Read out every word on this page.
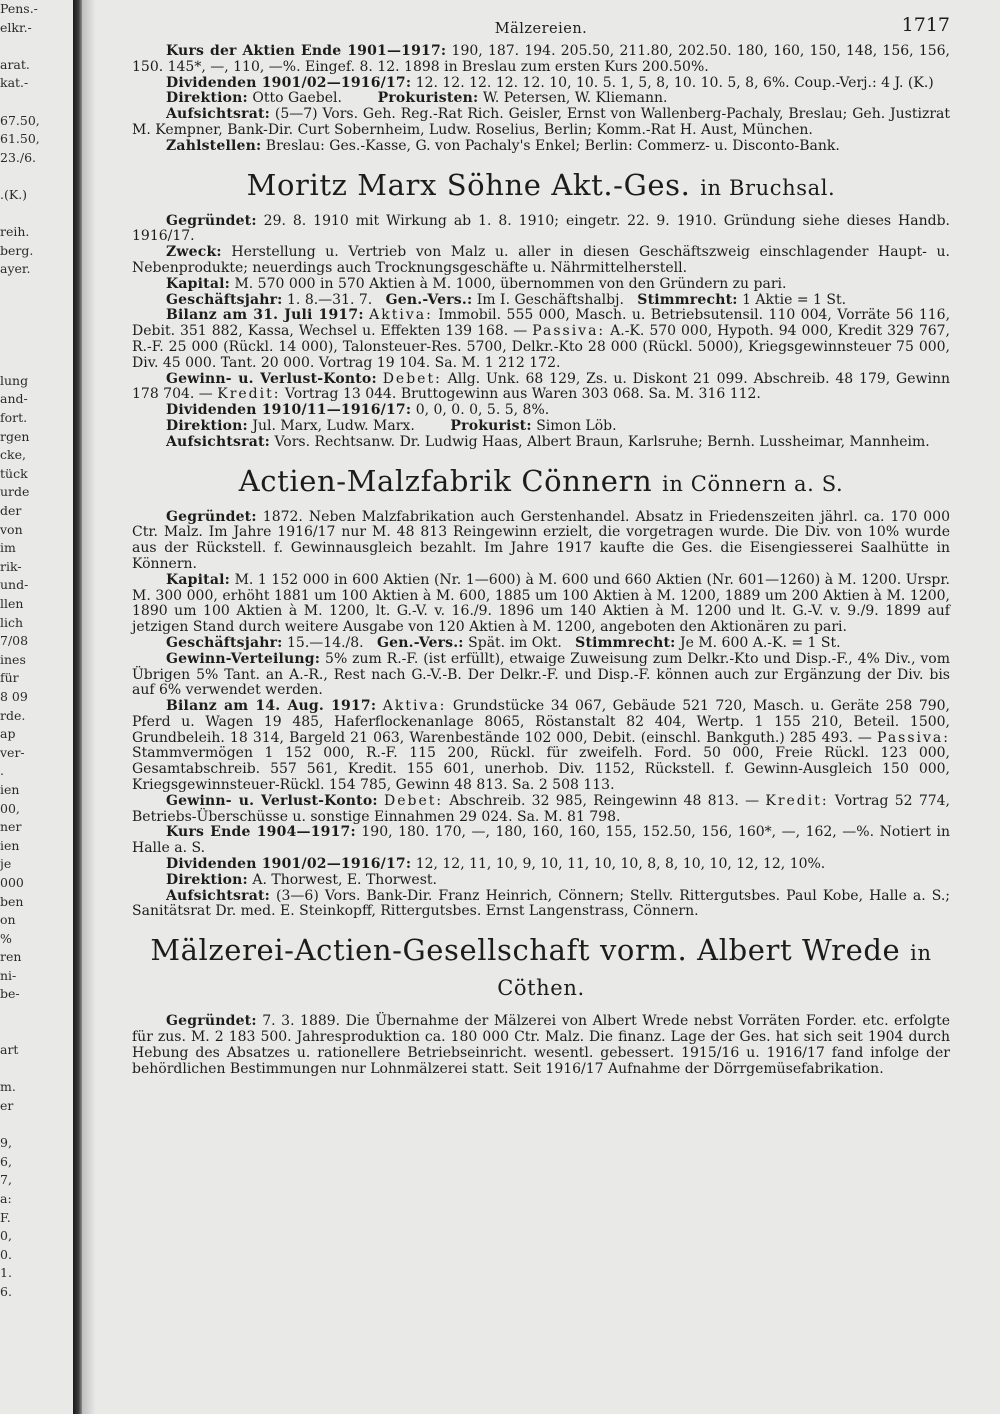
Pens.-
elkr.-

arat.
kat.-

67.50,
61.50,
23./6.

.(K.)

reih.
berg.
ayer.

lung
and-
fort.
rgen
cke,
tück
urde
der
von
im
rik-
und-
llen
lich
7/08
ines
für
8 09
rde.
ap
ver-
.
ien
00,
ner
ien
je
000
ben
on
%
ren
ni-
be-

art

m.
er

9,
6,
7,
a:
F.
0,
0.
1.
6.
Mälzereien.	1717

Kurs der Aktien Ende 1901—1917: 190, 187. 194. 205.50, 211.80, 202.50. 180, 160, 150, 148, 156, 156, 150. 145*, —, 110, —%. Eingef. 8. 12. 1898 in Breslau zum ersten Kurs 200.50%.

Dividenden 1901/02—1916/17: 12. 12. 12. 12. 12. 10, 10. 5. 1, 5, 8, 10. 10. 5, 8, 6%. Coup.-Verj.: 4 J. (K.)

Direktion: Otto Gaebel.	Prokuristen: W. Petersen, W. Kliemann.

Aufsichtsrat: (5—7) Vors. Geh. Reg.-Rat Rich. Geisler, Ernst von Wallenberg-Pachaly, Breslau; Geh. Justizrat M. Kempner, Bank-Dir. Curt Sobernheim, Ludw. Roselius, Berlin; Komm.-Rat H. Aust, München.

Zahlstellen: Breslau: Ges.-Kasse, G. von Pachaly's Enkel; Berlin: Commerz- u. Disconto-Bank.

Moritz Marx Söhne Akt.-Ges. in Bruchsal.

Gegründet: 29. 8. 1910 mit Wirkung ab 1. 8. 1910; eingetr. 22. 9. 1910. Gründung siehe dieses Handb. 1916/17.

Zweck: Herstellung u. Vertrieb von Malz u. aller in diesen Geschäftszweig einschlagender Haupt- u. Nebenprodukte; neuerdings auch Trocknungsgeschäfte u. Nährmittelherstell.

Kapital: M. 570 000 in 570 Aktien à M. 1000, übernommen von den Gründern zu pari.

Geschäftsjahr: 1. 8.—31. 7. Gen.-Vers.: Im I. Geschäftshalbj. Stimmrecht: 1 Aktie = 1 St.

Bilanz am 31. Juli 1917: Aktiva: Immobil. 555 000, Masch. u. Betriebsutensil. 110 004, Vorräte 56 116, Debit. 351 882, Kassa, Wechsel u. Effekten 139 168. — Passiva: A.-K. 570 000, Hypoth. 94 000, Kredit 329 767, R.-F. 25 000 (Rückl. 14 000), Talonsteuer-Res. 5700, Delkr.-Kto 28 000 (Rückl. 5000), Kriegsgewinnsteuer 75 000, Div. 45 000. Tant. 20 000. Vortrag 19 104. Sa. M. 1 212 172.

Gewinn- u. Verlust-Konto: Debet: Allg. Unk. 68 129, Zs. u. Diskont 21 099. Abschreib. 48 179, Gewinn 178 704. — Kredit: Vortrag 13 044. Bruttogewinn aus Waren 303 068. Sa. M. 316 112.

Dividenden 1910/11—1916/17: 0, 0, 0. 0, 5. 5, 8%.

Direktion: Jul. Marx, Ludw. Marx.	Prokurist: Simon Löb.

Aufsichtsrat: Vors. Rechtsanw. Dr. Ludwig Haas, Albert Braun, Karlsruhe; Bernh. Lussheimar, Mannheim.

Actien-Malzfabrik Cönnern in Cönnern a. S.

Gegründet: 1872. Neben Malzfabrikation auch Gerstenhandel. Absatz in Friedenszeiten jährl. ca. 170 000 Ctr. Malz. Im Jahre 1916/17 nur M. 48 813 Reingewinn erzielt, die vorgetragen wurde. Die Div. von 10% wurde aus der Rückstell. f. Gewinnausgleich bezahlt. Im Jahre 1917 kaufte die Ges. die Eisengiesserei Saalhütte in Könnern.

Kapital: M. 1 152 000 in 600 Aktien (Nr. 1—600) à M. 600 und 660 Aktien (Nr. 601—1260) à M. 1200. Urspr. M. 300 000, erhöht 1881 um 100 Aktien à M. 600, 1885 um 100 Aktien à M. 1200, 1889 um 200 Aktien à M. 1200, 1890 um 100 Aktien à M. 1200, lt. G.-V. v. 16./9. 1896 um 140 Aktien à M. 1200 und lt. G.-V. v. 9./9. 1899 auf jetzigen Stand durch weitere Ausgabe von 120 Aktien à M. 1200, angeboten den Aktionären zu pari.

Geschäftsjahr: 15.—14./8. Gen.-Vers.: Spät. im Okt. Stimmrecht: Je M. 600 A.-K. = 1 St.

Gewinn-Verteilung: 5% zum R.-F. (ist erfüllt), etwaige Zuweisung zum Delkr.-Kto und Disp.-F., 4% Div., vom Übrigen 5% Tant. an A.-R., Rest nach G.-V.-B. Der Delkr.-F. und Disp.-F. können auch zur Ergänzung der Div. bis auf 6% verwendet werden.

Bilanz am 14. Aug. 1917: Aktiva: Grundstücke 34 067, Gebäude 521 720, Masch. u. Geräte 258 790, Pferd u. Wagen 19 485, Haferflockenanlage 8065, Röstanstalt 82 404, Wertp. 1 155 210, Beteil. 1500, Grundbeleih. 18 314, Bargeld 21 063, Warenbestände 102 000, Debit. (einschl. Bankguth.) 285 493. — Passiva: Stammvermögen 1 152 000, R.-F. 115 200, Rückl. für zweifelh. Ford. 50 000, Freie Rückl. 123 000, Gesamtabschreib. 557 561, Kredit. 155 601, unerhob. Div. 1152, Rückstell. f. Gewinn-Ausgleich 150 000, Kriegsgewinnsteuer-Rückl. 154 785, Gewinn 48 813. Sa. 2 508 113.

Gewinn- u. Verlust-Konto: Debet: Abschreib. 32 985, Reingewinn 48 813. — Kredit: Vortrag 52 774, Betriebs-Überschüsse u. sonstige Einnahmen 29 024. Sa. M. 81 798.

Kurs Ende 1904—1917: 190, 180. 170, —, 180, 160, 160, 155, 152.50, 156, 160*, —, 162, —%. Notiert in Halle a. S.

Dividenden 1901/02—1916/17: 12, 12, 11, 10, 9, 10, 11, 10, 10, 8, 8, 10, 10, 12, 12, 10%.

Direktion: A. Thorwest, E. Thorwest.

Aufsichtsrat: (3—6) Vors. Bank-Dir. Franz Heinrich, Cönnern; Stellv. Rittergutsbes. Paul Kobe, Halle a. S.; Sanitätsrat Dr. med. E. Steinkopff, Rittergutsbes. Ernst Langenstrass, Cönnern.

Mälzerei-Actien-Gesellschaft vorm. Albert Wrede in Cöthen.

Gegründet: 7. 3. 1889. Die Übernahme der Mälzerei von Albert Wrede nebst Vorräten Forder. etc. erfolgte für zus. M. 2 183 500. Jahresproduktion ca. 180 000 Ctr. Malz. Die finanz. Lage der Ges. hat sich seit 1904 durch Hebung des Absatzes u. rationellere Betriebseinricht. wesentl. gebessert. 1915/16 u. 1916/17 fand infolge der behördlichen Bestimmungen nur Lohnmälzerei statt. Seit 1916/17 Aufnahme der Dörrgemüsefabrikation.
